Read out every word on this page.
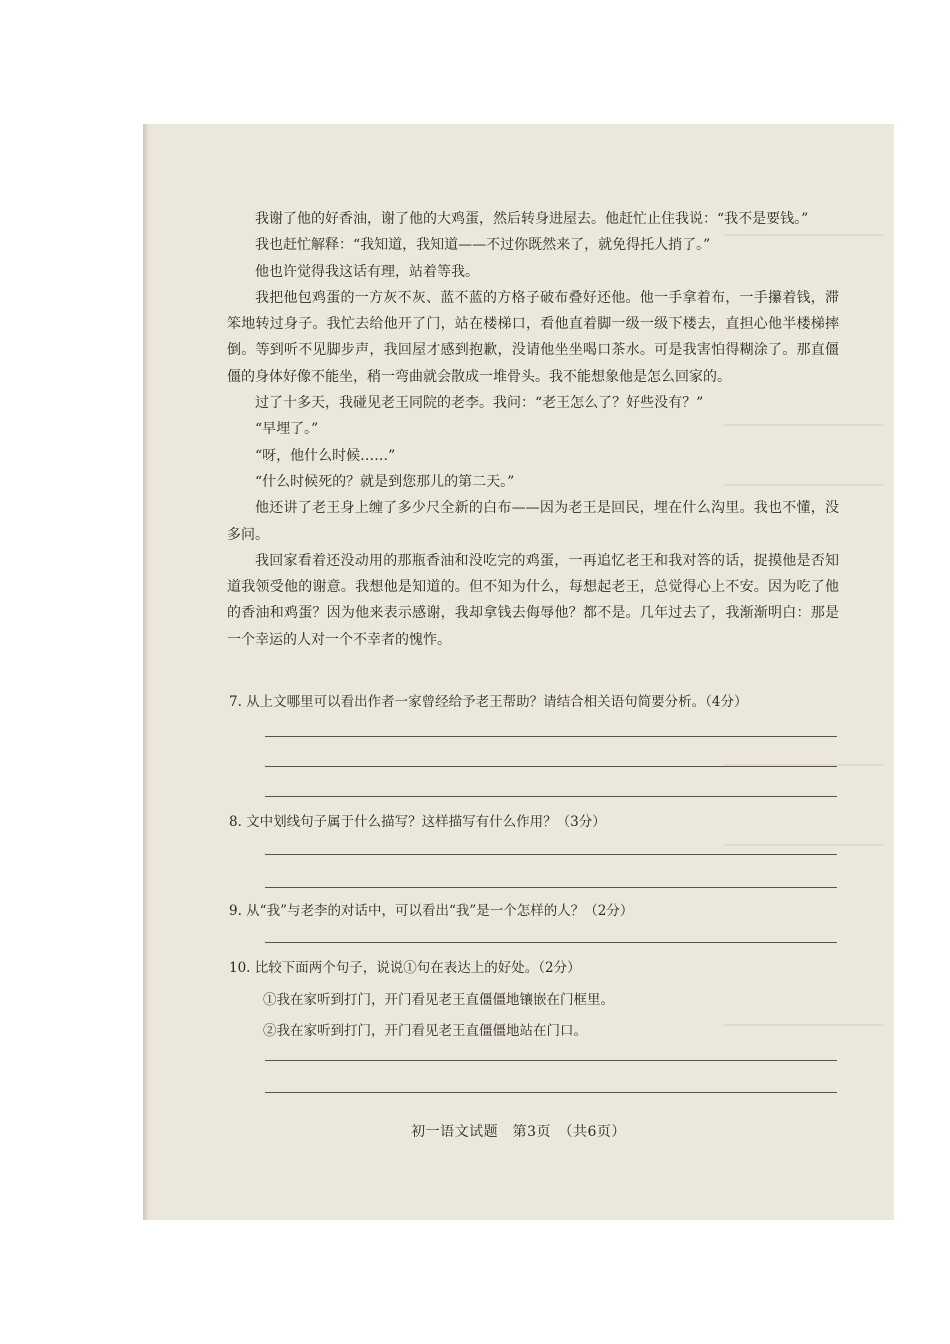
我谢了他的好香油，谢了他的大鸡蛋，然后转身进屋去。他赶忙止住我说：“我不是要钱。”

我也赶忙解释：“我知道，我知道——不过你既然来了，就免得托人捎了。”

他也许觉得我这话有理，站着等我。

我把他包鸡蛋的一方灰不灰、蓝不蓝的方格子破布叠好还他。他一手拿着布，一手攥着钱，滞笨地转过身子。我忙去给他开了门，站在楼梯口，看他直着脚一级一级下楼去，直担心他半楼梯摔倒。等到听不见脚步声，我回屋才感到抱歉，没请他坐坐喝口茶水。可是我害怕得糊涂了。那直僵僵的身体好像不能坐，稍一弯曲就会散成一堆骨头。我不能想象他是怎么回家的。

过了十多天，我碰见老王同院的老李。我问：“老王怎么了？好些没有？”

“早埋了。”

“呀，他什么时候……”

“什么时候死的？就是到您那儿的第二天。”

他还讲了老王身上缠了多少尺全新的白布——因为老王是回民，埋在什么沟里。我也不懂，没多问。

我回家看着还没动用的那瓶香油和没吃完的鸡蛋，一再追忆老王和我对答的话，捉摸他是否知道我领受他的谢意。我想他是知道的。但不知为什么，每想起老王，总觉得心上不安。因为吃了他的香油和鸡蛋？因为他来表示感谢，我却拿钱去侮辱他？都不是。几年过去了，我渐渐明白：那是一个幸运的人对一个不幸者的愧怍。

7. 从上文哪里可以看出作者一家曾经给予老王帮助？请结合相关语句简要分析。（4分）
8. 文中划线句子属于什么描写？这样描写有什么作用？（3分）
9. 从“我”与老李的对话中，可以看出“我”是一个怎样的人？（2分）
10. 比较下面两个句子，说说①句在表达上的好处。（2分）
①我在家听到打门，开门看见老王直僵僵地镶嵌在门框里。
②我在家听到打门，开门看见老王直僵僵地站在门口。
初一语文试题　第3页　（共6页）
